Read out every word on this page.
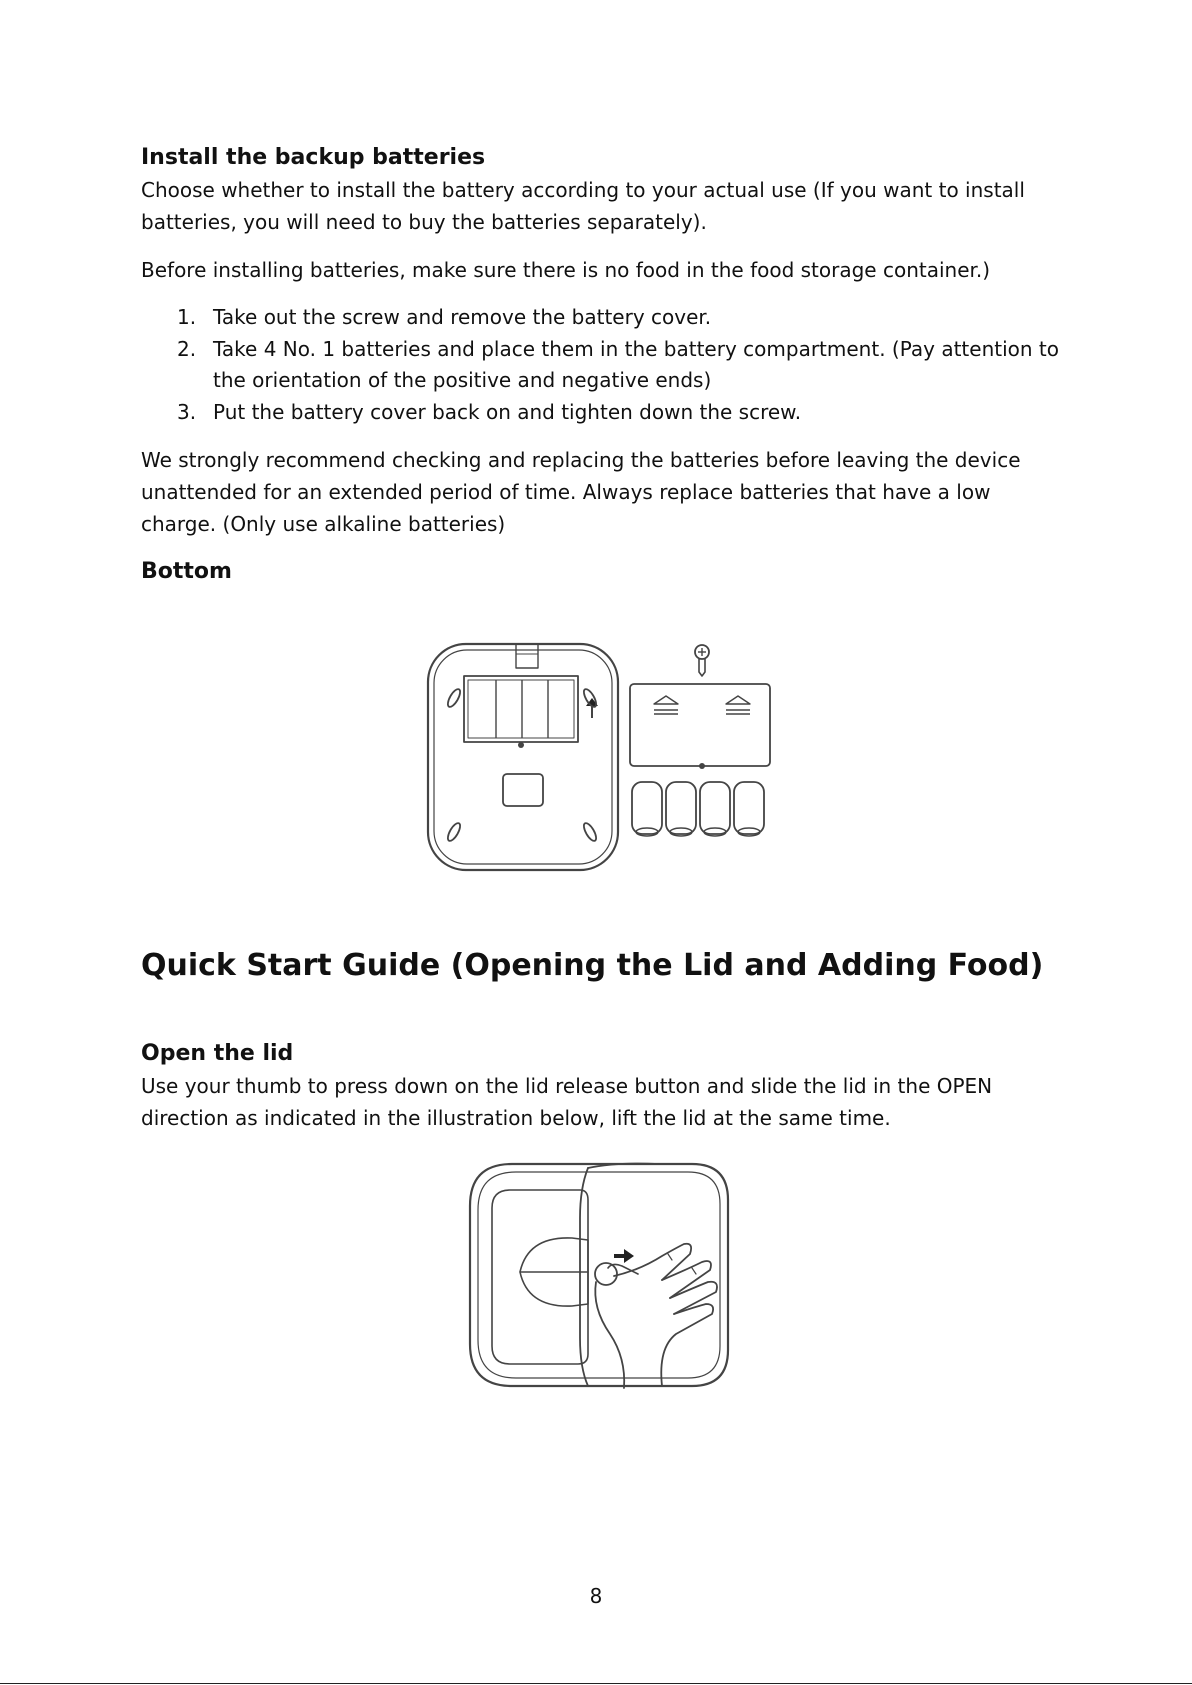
Install the backup batteries

Choose whether to install the battery according to your actual use (If you want to install batteries, you will need to buy the batteries separately).

Before installing batteries, make sure there is no food in the food storage container.)

1. Take out the screw and remove the battery cover.
2. Take 4 No. 1 batteries and place them in the battery compartment. (Pay attention to the orientation of the positive and negative ends)
3. Put the battery cover back on and tighten down the screw.

We strongly recommend checking and replacing the batteries before leaving the device unattended for an extended period of time. Always replace batteries that have a low charge. (Only use alkaline batteries)

Bottom

Quick Start Guide (Opening the Lid and Adding Food)

Open the lid

Use your thumb to press down on the lid release button and slide the lid in the OPEN direction as indicated in the illustration below, lift the lid at the same time.

8
